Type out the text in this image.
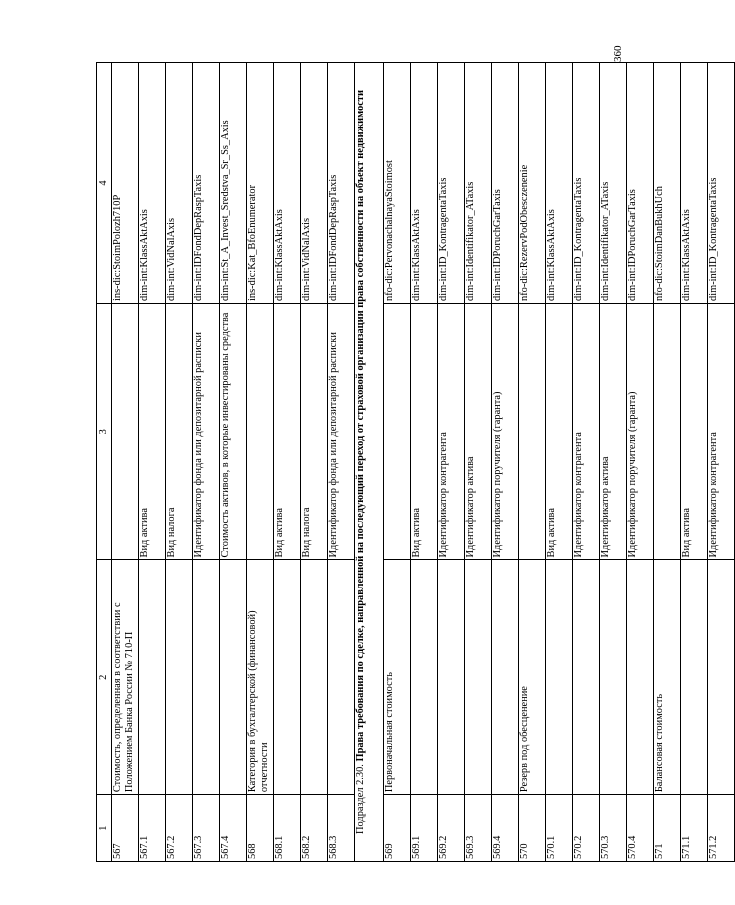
360
1	2	3	4
567	Стоимость, определенная в соответствии с Положением Банка России № 710-П		ins-dic:StoimPolozh710P
567.1		Вид актива	dim-int:KlassAktAxis
567.2		Вид налога	dim-int:VidNalAxis
567.3		Идентификатор фонда или депозитарной расписки	dim-int:IDFondDepRaspTaxis
567.4		Стоимость активов, в которые инвестированы средства	dim-int:St_A_Invest_Sredstva_Sr_Ss_Axis
568	Категория в бухгалтерской (финансовой) отчетности		ins-dic:Kat_BfoEnumerator
568.1		Вид актива	dim-int:KlassAktAxis
568.2		Вид налога	dim-int:VidNalAxis
568.3		Идентификатор фонда или депозитарной расписки	dim-int:IDFondDepRaspTaxis
Подраздел 2.30. Права требования по сделке, направленной на последующий переход от страховой организации права собственности на объект недвижимости			
569	Первоначальная стоимость		nfo-dic:PervonachalnayaStoimost
569.1		Вид актива	dim-int:KlassAktAxis
569.2		Идентификатор контрагента	dim-int:ID_KontragentaTaxis
569.3		Идентификатор актива	dim-int:Identifikator_ATaxis
569.4		Идентификатор поручителя (гаранта)	dim-int:IDPoruchGarTaxis
570	Резерв под обесценение		nfo-dic:RezervPodObesczenenie
570.1		Вид актива	dim-int:KlassAktAxis
570.2		Идентификатор контрагента	dim-int:ID_KontragentaTaxis
570.3		Идентификатор актива	dim-int:Identifikator_ATaxis
570.4		Идентификатор поручителя (гаранта)	dim-int:IDPoruchGarTaxis
571	Балансовая стоимость		nfo-dic:StoimDanBukhUch
571.1		Вид актива	dim-int:KlassAktAxis
571.2		Идентификатор контрагента	dim-int:ID_KontragentaTaxis
